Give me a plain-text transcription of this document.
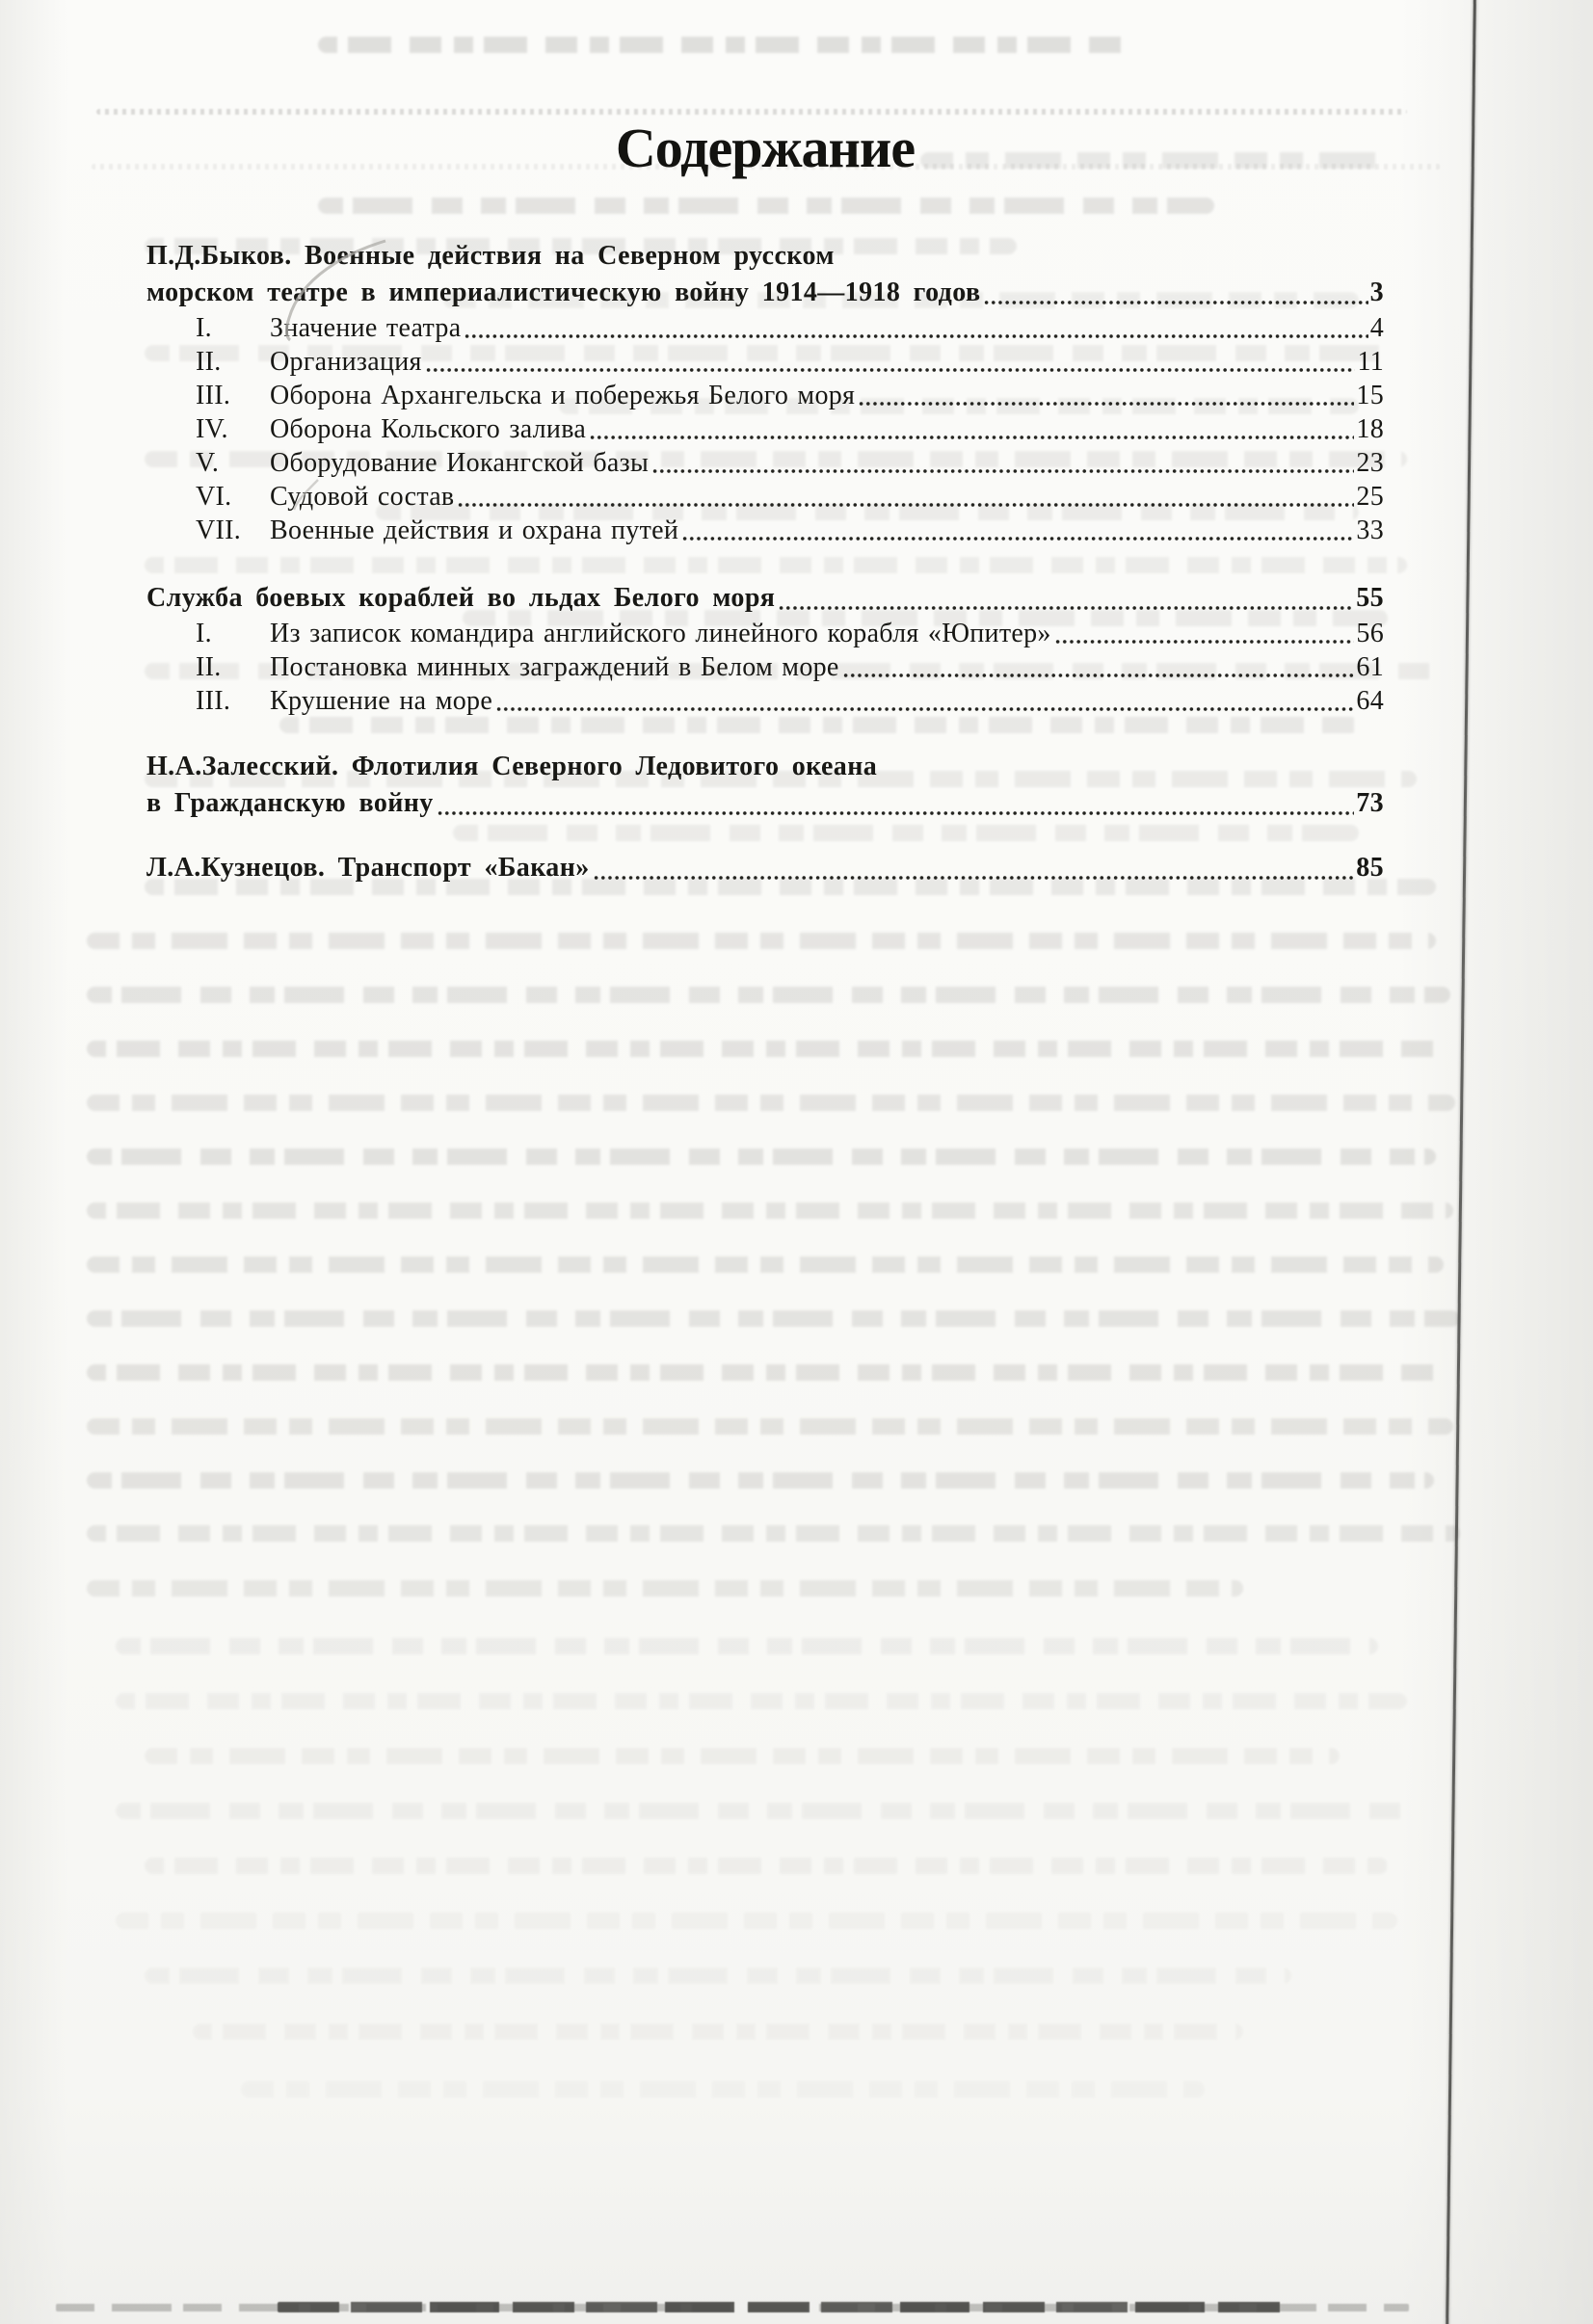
Содержание
П.Д.Быков. Военные действия на Северном русском
морском театре в империалистическую войну 1914—1918 годов	3
I.	Значение театра	4
II.	Организация	11
III.	Оборона Архангельска и побережья Белого моря	15
IV.	Оборона Кольского залива	18
V.	Оборудование Иокангской базы	23
VI.	Судовой состав	25
VII.	Военные действия и охрана путей	33
Служба боевых кораблей во льдах Белого моря	55
I.	Из записок командира английского линейного корабля «Юпитер»	56
II.	Постановка минных заграждений в Белом море	61
III.	Крушение на море	64
Н.А.Залесский. Флотилия Северного Ледовитого океана
в Гражданскую войну	73
Л.А.Кузнецов. Транспорт «Бакан»	85
